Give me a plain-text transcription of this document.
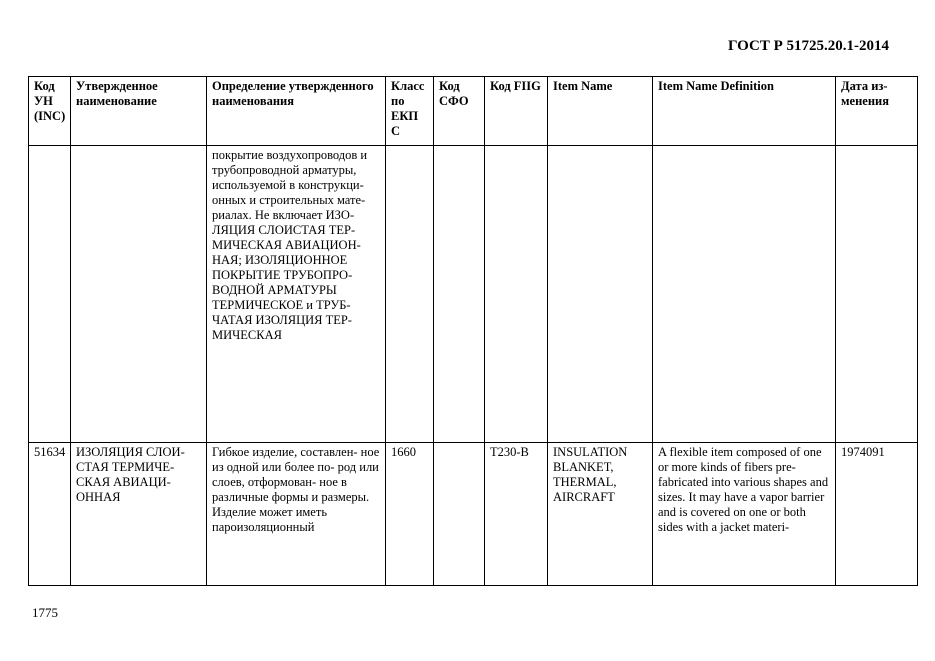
ГОСТ Р 51725.20.1-2014
Код УН (INC)	Утвержденное наименование	Определение утвержденного наименования	Класс по ЕКП С	Код СФО	Код FIIG	Item Name	Item Name Definition	Дата из- менения
		покрытие воздухопроводов и трубопроводной арматуры, используемой в конструкци- онных и строительных мате- риалах. Не включает ИЗО- ЛЯЦИЯ СЛОИСТАЯ ТЕР- МИЧЕСКАЯ АВИАЦИОН- НАЯ; ИЗОЛЯЦИОННОЕ ПОКРЫТИЕ ТРУБОПРО- ВОДНОЙ АРМАТУРЫ ТЕРМИЧЕСКОЕ и ТРУБ- ЧАТАЯ ИЗОЛЯЦИЯ ТЕР- МИЧЕСКАЯ						
51634	ИЗОЛЯЦИЯ СЛОИ- СТАЯ ТЕРМИЧЕ- СКАЯ АВИАЦИ- ОННАЯ	Гибкое изделие, составлен- ное из одной или более по- род или слоев, отформован- ное в различные формы и размеры. Изделие может иметь пароизоляционный	1660		T230-B	INSULATION BLANKET, THERMAL, AIRCRAFT	A flexible item composed of one or more kinds of fibers pre- fabricated into various shapes and sizes. It may have a vapor barrier and is covered on one or both sides with a jacket materi-	1974091
1775
